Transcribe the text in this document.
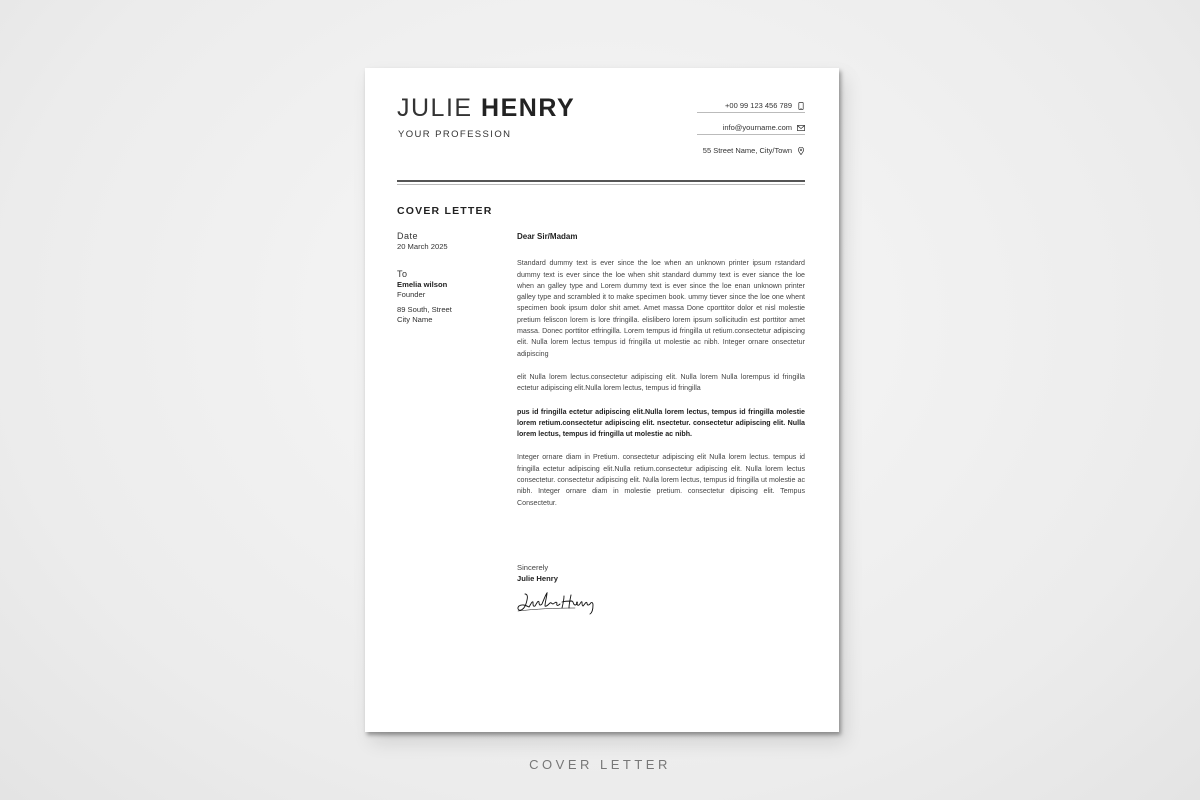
JULIE HENRY
YOUR PROFESSION
+00 99 123 456 789
info@yourname.com
55 Street Name, City/Town
COVER LETTER
Date
20 March 2025
To
Emelia wilson
Founder
89 South, Street
City Name

Dear Sir/Madam

Standard dummy text is ever since the loe when an unknown printer ipsum rstandard dummy text is ever since the loe when shit standard dummy text is ever siance the loe when an galley type and Lorem dummy text is ever since the loe enan unknown printer galley type and scrambled it to make specimen book. ummy tiever since the loe one whent specimen book ipsum dolor shit amet. Amet massa Done cporttitor dolor et nisl molestie pretium feliscon lorem is lore tfringilla. elislibero lorem ipsum sollicitudin est porttitor amet massa. Donec porttitor etfringilla. Lorem tempus id fringilla ut retium.consectetur adipiscing elit. Nulla lorem lectus tempus id fringilla ut molestie ac nibh. Integer ornare onsectetur adipiscing

elit Nulla lorem lectus.consectetur adipiscing elit. Nulla lorem Nulla lorempus id fringilla ectetur adipiscing elit.Nulla lorem lectus, tempus id fringilla

pus id fringilla ectetur adipiscing elit.Nulla lorem lectus, tempus id fringilla molestie lorem retium.consectetur adipiscing elit. nsectetur. consectetur adipiscing elit. Nulla lorem lectus, tempus id fringilla ut molestie ac nibh.

Integer ornare diam in Pretium. consectetur adipiscing elit Nulla lorem lectus. tempus id fringilla ectetur adipiscing elit.Nulla retium.consectetur adipiscing elit. Nulla lorem lectus consectetur. consectetur adipiscing elit. Nulla lorem lectus, tempus id fringilla ut molestie ac nibh. Integer ornare diam in molestie pretium. consectetur dipiscing elit. Tempus Consectetur.

Sincerely
Julie Henry
COVER LETTER
